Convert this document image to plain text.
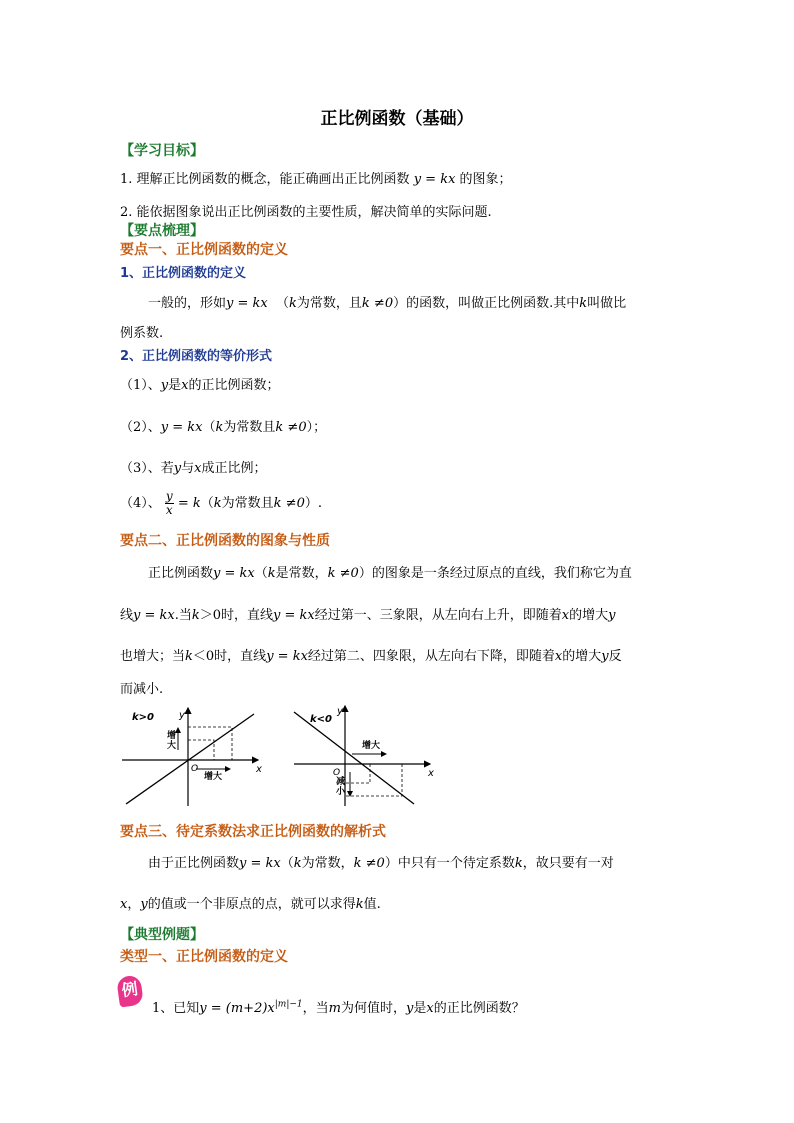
正比例函数（基础）
【学习目标】
1. 理解正比例函数的概念，能正确画出正比例函数 y = kx 的图象；
2. 能依据图象说出正比例函数的主要性质，解决简单的实际问题.
【要点梳理】
要点一、正比例函数的定义
1、正比例函数的定义
一般的，形如y = kx （k为常数，且k ≠0）的函数，叫做正比例函数.其中k叫做比
例系数.
2、正比例函数的等价形式
（1）、y是x的正比例函数；
（2）、y = kx（k为常数且k ≠0）；
（3）、若y与x成正比例；
（4）、 $\frac{y}{x} = k(k$为常数且k ≠0）.
要点二、正比例函数的图象与性质
正比例函数y = kx（k是常数，k ≠0）的图象是一条经过原点的直线，我们称它为直
线y = kx.当k＞0时，直线y = kx经过第一、三象限，从左向右上升，即随着x的增大y
也增大；当k＜0时，直线y = kx经过第二、四象限，从左向右下降，即随着x的增大y反
而减小.
k>0	y
x
O
增
大
增大
k<0
y
x
O
增大
减
小
要点三、待定系数法求正比例函数的解析式
由于正比例函数y = kx（k为常数，k ≠0）中只有一个待定系数k，故只要有一对
x，y的值或一个非原点的点，就可以求得k值.
【典型例题】
类型一、正比例函数的定义
例
1、已知$y = (m+2)x^{|m|-1}$，当m为何值时，y是x的正比例函数？
